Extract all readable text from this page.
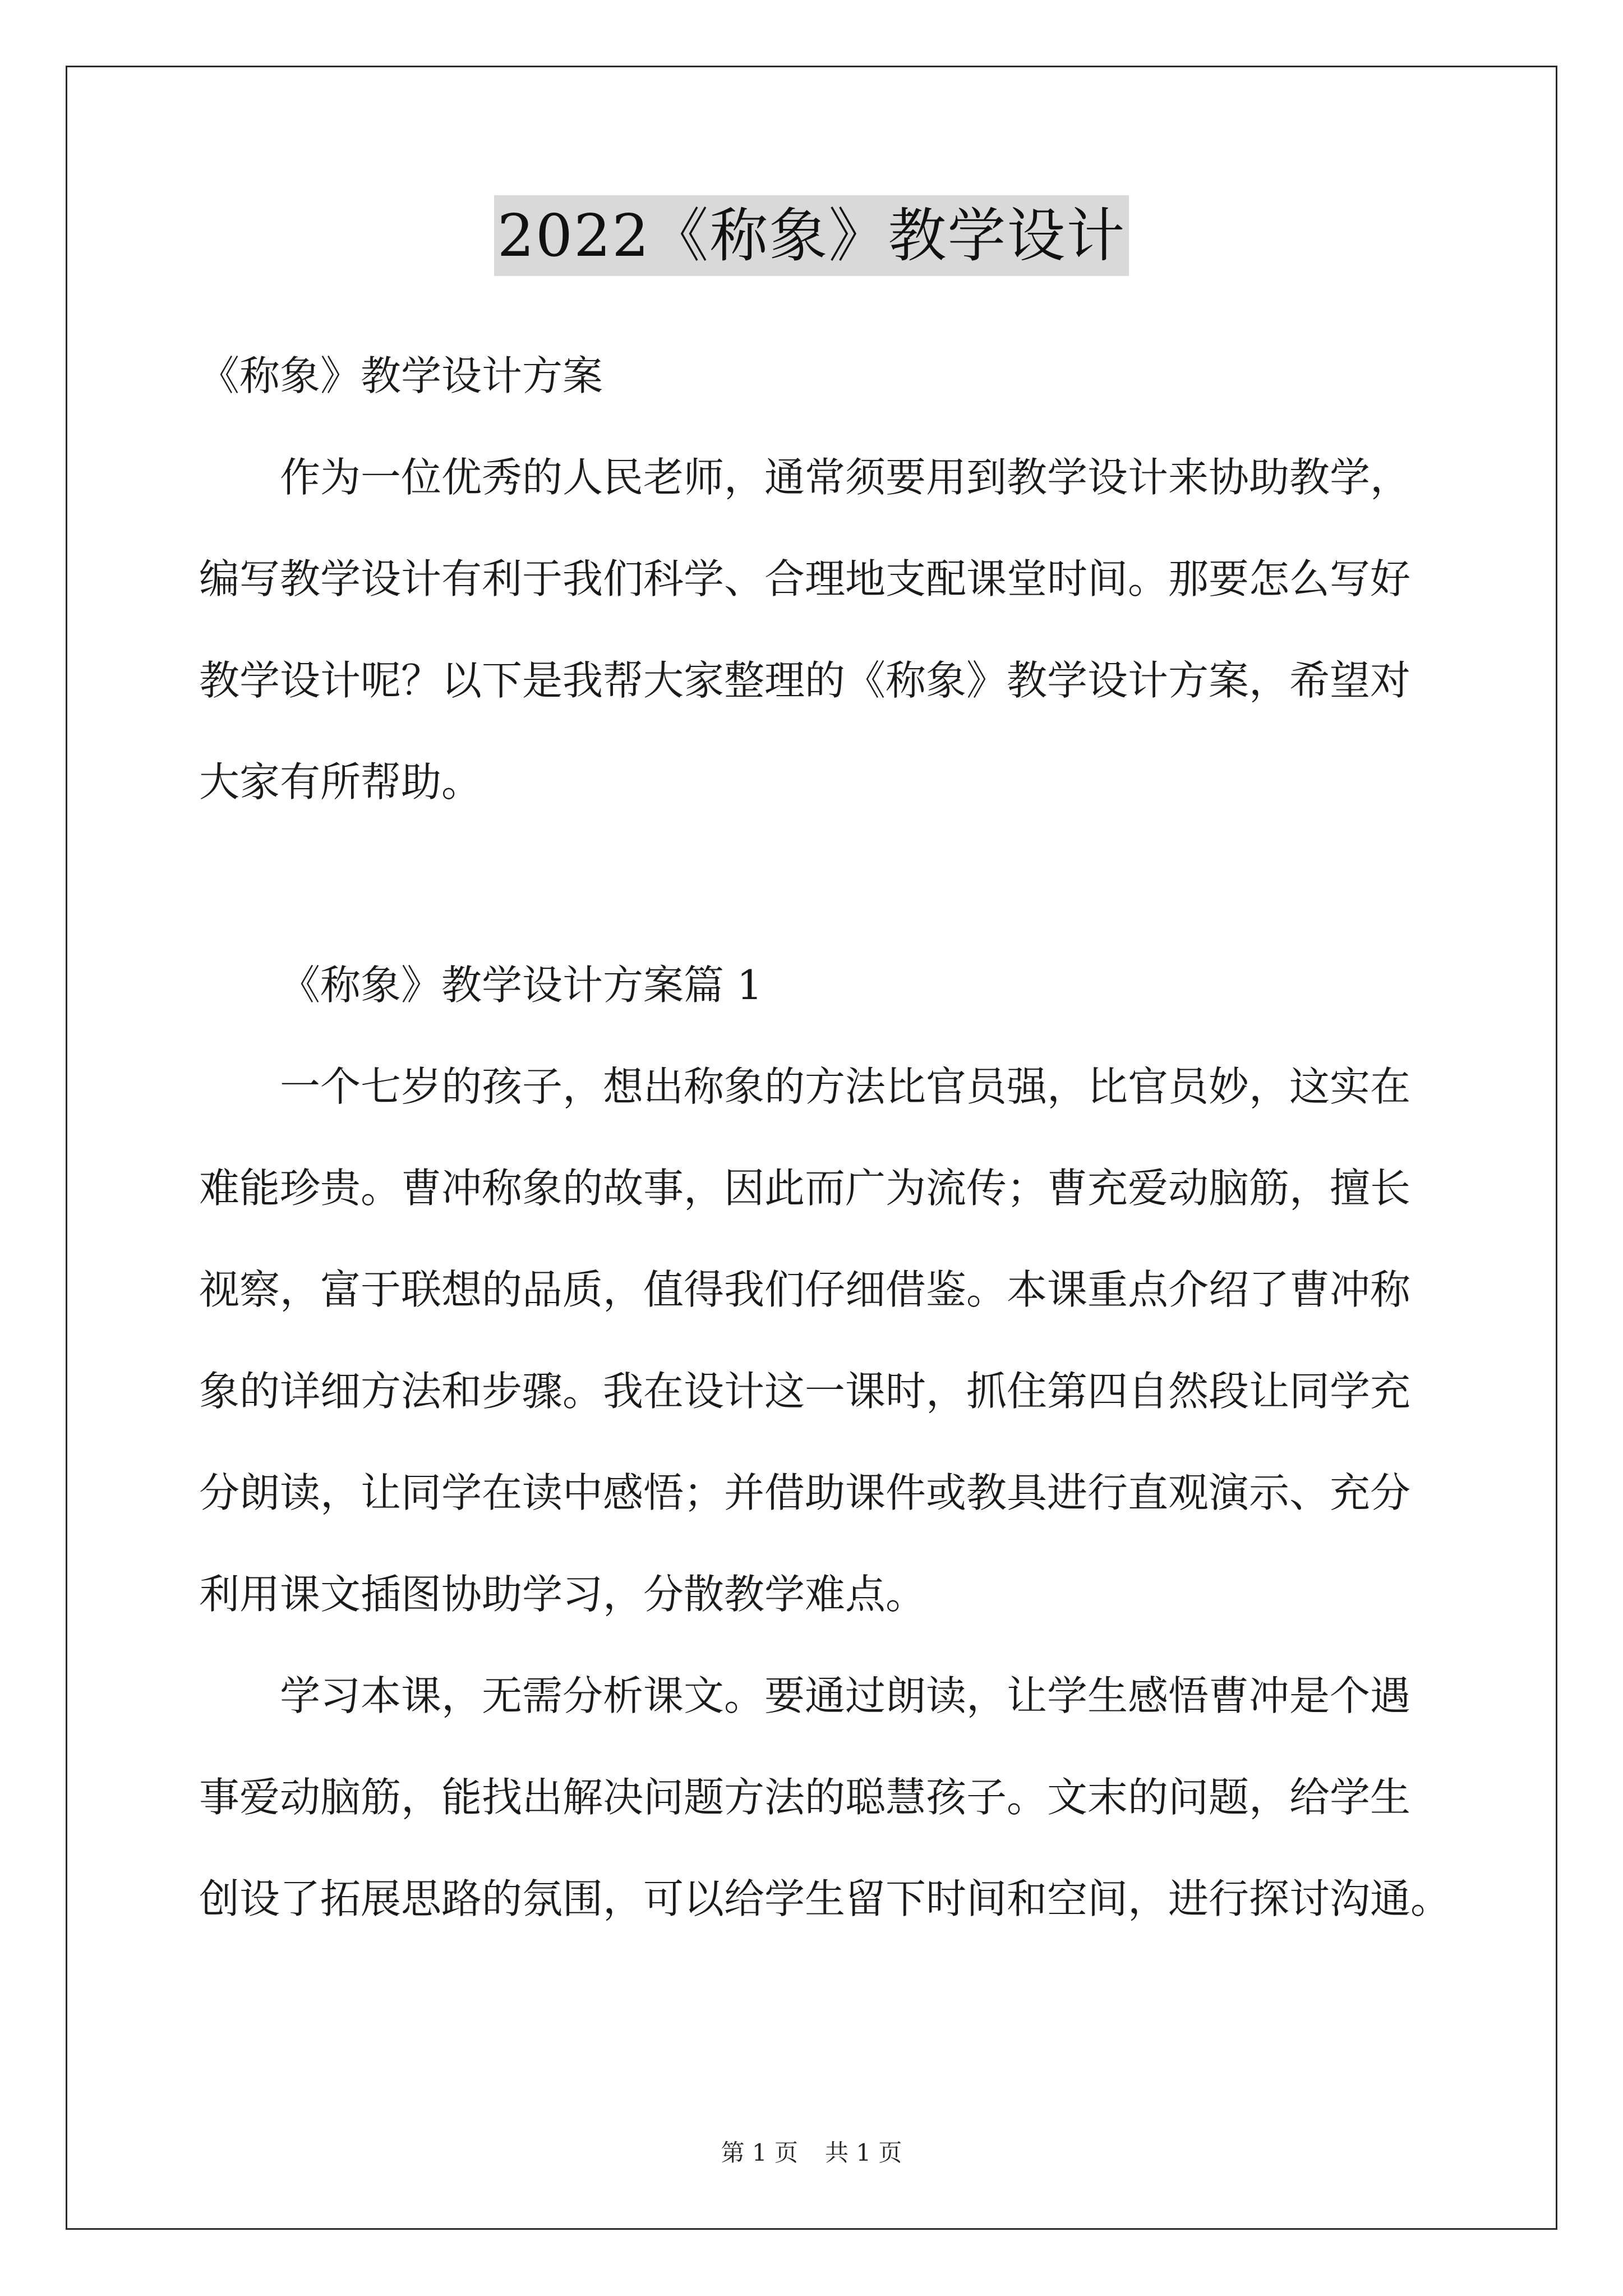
2022《称象》教学设计
《称象》教学设计方案
作为一位优秀的人民老师，通常须要用到教学设计来协助教学，
编写教学设计有利于我们科学、合理地支配课堂时间。那要怎么写好
教学设计呢？以下是我帮大家整理的《称象》教学设计方案，希望对
大家有所帮助。
《称象》教学设计方案篇 1
一个七岁的孩子，想出称象的方法比官员强，比官员妙，这实在
难能珍贵。曹冲称象的故事，因此而广为流传；曹充爱动脑筋，擅长
视察，富于联想的品质，值得我们仔细借鉴。本课重点介绍了曹冲称
象的详细方法和步骤。我在设计这一课时，抓住第四自然段让同学充
分朗读，让同学在读中感悟；并借助课件或教具进行直观演示、充分
利用课文插图协助学习，分散教学难点。
学习本课，无需分析课文。要通过朗读，让学生感悟曹冲是个遇
事爱动脑筋，能找出解决问题方法的聪慧孩子。文末的问题，给学生
创设了拓展思路的氛围，可以给学生留下时间和空间，进行探讨沟通。
第 1 页 共 1 页
